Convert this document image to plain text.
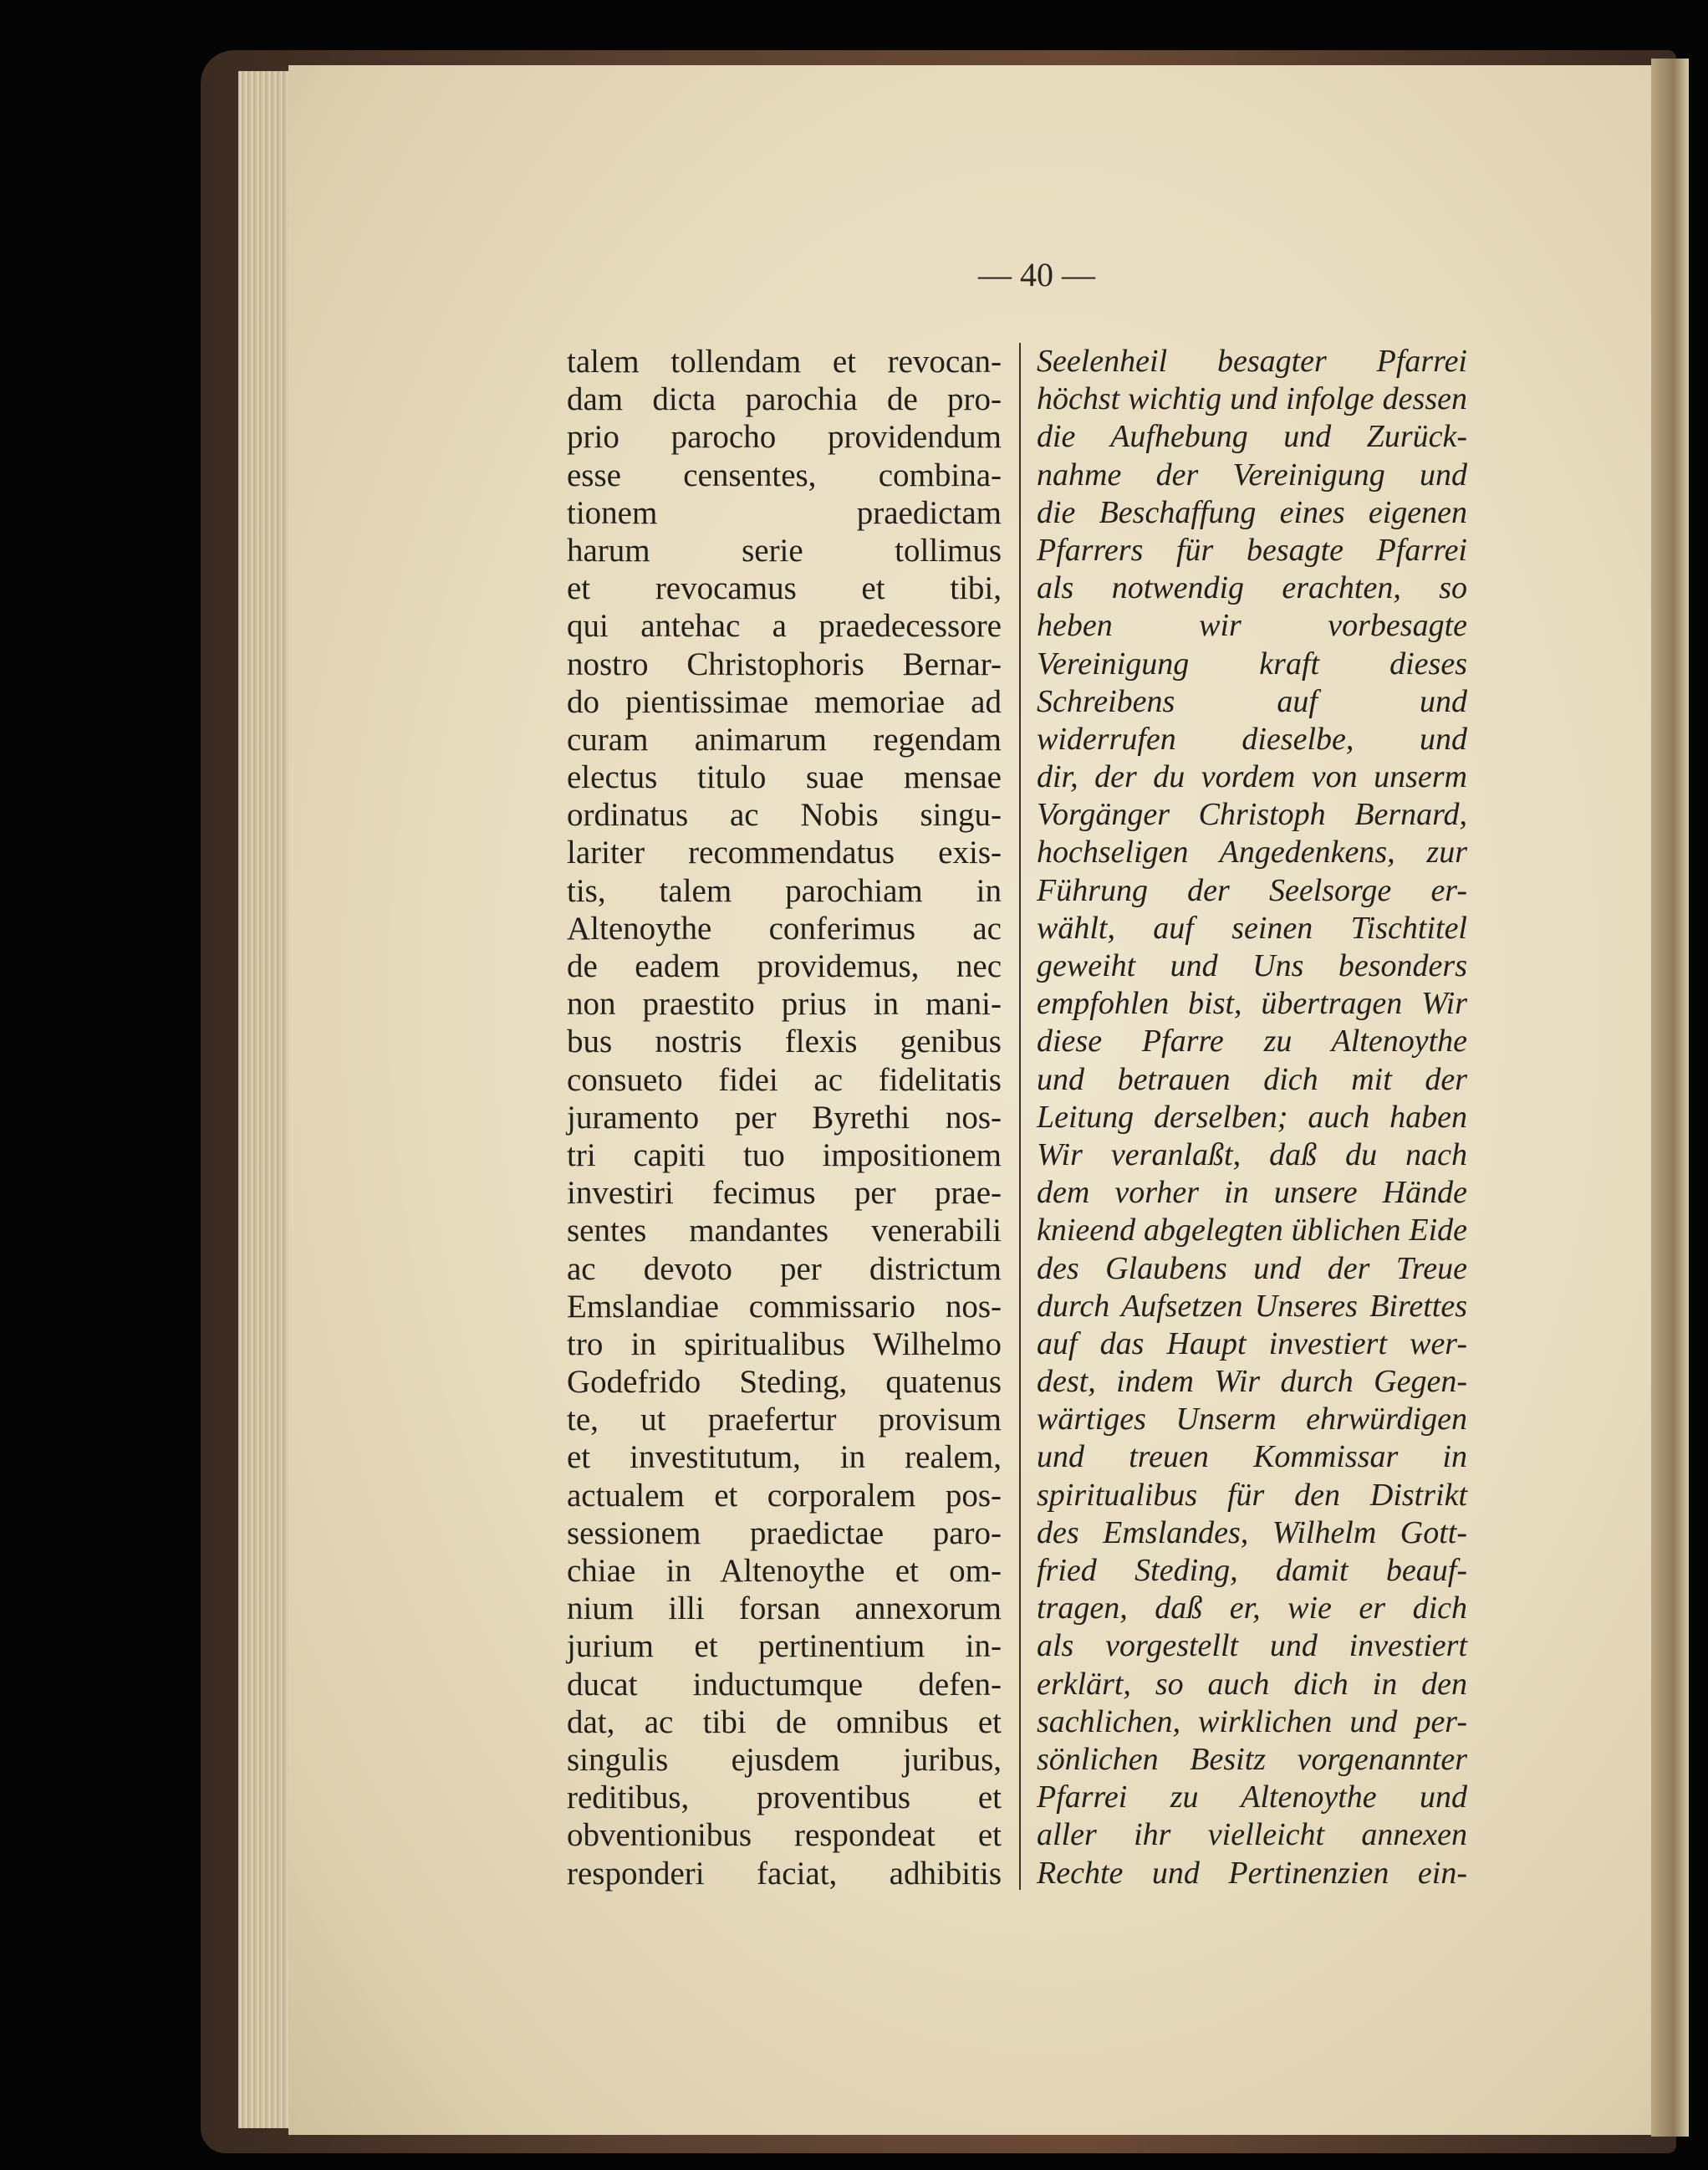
— 40 —
talem tollendam et revocan-
dam dicta parochia de pro-
prio parocho providendum
esse censentes, combina-
tionem praedictam
harum serie tollimus
et revocamus et tibi,
qui antehac a praedecessore
nostro Christophoris Bernar-
do pientissimae memoriae ad
curam animarum regendam
electus titulo suae mensae
ordinatus ac Nobis singu-
lariter recommendatus exis-
tis, talem parochiam in
Altenoythe conferimus ac
de eadem providemus, nec
non praestito prius in mani-
bus nostris flexis genibus
consueto fidei ac fidelitatis
juramento per Byrethi nos-
tri capiti tuo impositionem
investiri fecimus per prae-
sentes mandantes venerabili
ac devoto per districtum
Emslandiae commissario nos-
tro in spiritualibus Wilhelmo
Godefrido Steding, quatenus
te, ut praefertur provisum
et investitutum, in realem,
actualem et corporalem pos-
sessionem praedictae paro-
chiae in Altenoythe et om-
nium illi forsan annexorum
jurium et pertinentium in-
ducat inductumque defen-
dat, ac tibi de omnibus et
singulis ejusdem juribus,
reditibus, proventibus et
obventionibus respondeat et
responderi faciat, adhibitis
Seelenheil besagter Pfarrei
höchst wichtig und infolge dessen
die Aufhebung und Zurück-
nahme der Vereinigung und
die Beschaffung eines eigenen
Pfarrers für besagte Pfarrei
als notwendig erachten, so
heben wir vorbesagte
Vereinigung kraft dieses
Schreibens auf und
widerrufen dieselbe, und
dir, der du vordem von unserm
Vorgänger Christoph Bernard,
hochseligen Angedenkens, zur
Führung der Seelsorge er-
wählt, auf seinen Tischtitel
geweiht und Uns besonders
empfohlen bist, übertragen Wir
diese Pfarre zu Altenoythe
und betrauen dich mit der
Leitung derselben; auch haben
Wir veranlaßt, daß du nach
dem vorher in unsere Hände
knieend abgelegten üblichen Eide
des Glaubens und der Treue
durch Aufsetzen Unseres Birettes
auf das Haupt investiert wer-
dest, indem Wir durch Gegen-
wärtiges Unserm ehrwürdigen
und treuen Kommissar in
spiritualibus für den Distrikt
des Emslandes, Wilhelm Gott-
fried Steding, damit beauf-
tragen, daß er, wie er dich
als vorgestellt und investiert
erklärt, so auch dich in den
sachlichen, wirklichen und per-
sönlichen Besitz vorgenannter
Pfarrei zu Altenoythe und
aller ihr vielleicht annexen
Rechte und Pertinenzien ein-
